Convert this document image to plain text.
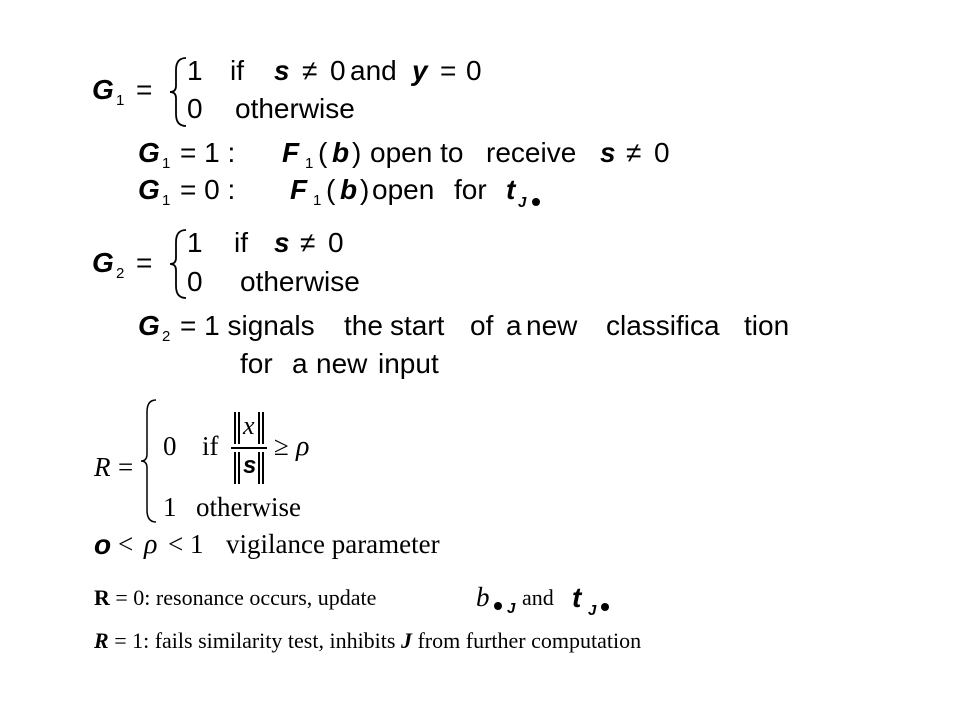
G 1 =
1 if s ≠ 0 and y = 0
0 otherwise
G 1 = 1 : F 1 ( b ) open to receive s ≠ 0
G 1 = 0 : F 1 ( b ) open for t J
G 2 =
1 if s ≠ 0
0 otherwise
G 2 = 1 signals the start of a new classifica tion
for a new input
R =
0 if
x
s
≥ ρ
1 otherwise
o < ρ < 1 vigilance parameter
R = 0: resonance occurs, update	b J and t J
R = 1: fails similarity test, inhibits J from further computation
